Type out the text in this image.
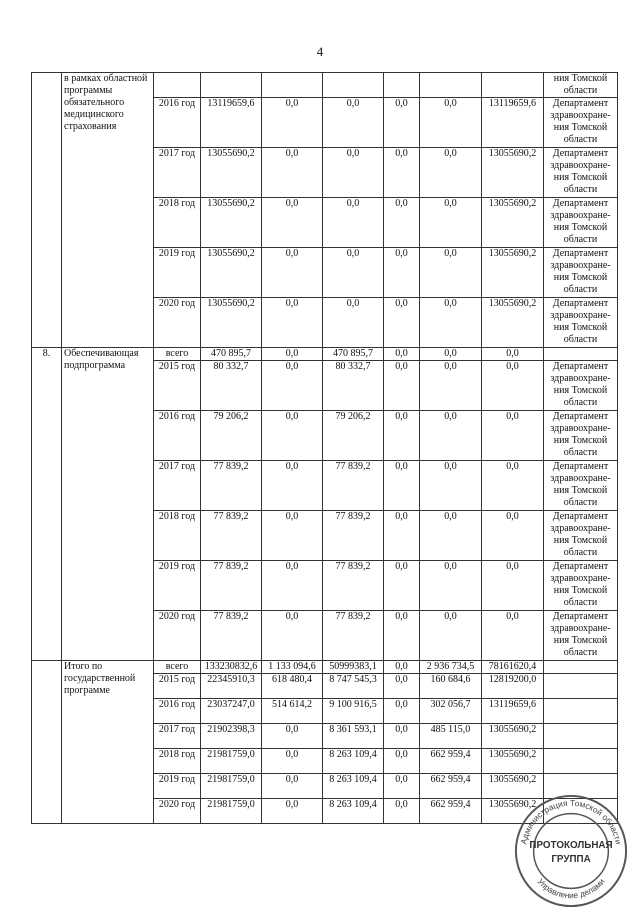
4
	в рамках областной программы обязательного медицинского страхования								ния Томской области
		2016 год	13119659,6	0,0	0,0	0,0	0,0	13119659,6	Департамент здравоохране-ния Томской области
		2017 год	13055690,2	0,0	0,0	0,0	0,0	13055690,2	Департамент здравоохране-ния Томской области
		2018 год	13055690,2	0,0	0,0	0,0	0,0	13055690,2	Департамент здравоохране-ния Томской области
		2019 год	13055690,2	0,0	0,0	0,0	0,0	13055690,2	Департамент здравоохране-ния Томской области
		2020 год	13055690,2	0,0	0,0	0,0	0,0	13055690,2	Департамент здравоохране-ния Томской области
8.	Обеспечивающая подпрограмма	всего	470 895,7	0,0	470 895,7	0,0	0,0	0,0	
		2015 год	80 332,7	0,0	80 332,7	0,0	0,0	0,0	Департамент здравоохране-ния Томской области
		2016 год	79 206,2	0,0	79 206,2	0,0	0,0	0,0	Департамент здравоохране-ния Томской области
		2017 год	77 839,2	0,0	77 839,2	0,0	0,0	0,0	Департамент здравоохране-ния Томской области
		2018 год	77 839,2	0,0	77 839,2	0,0	0,0	0,0	Департамент здравоохране-ния Томской области
		2019 год	77 839,2	0,0	77 839,2	0,0	0,0	0,0	Департамент здравоохране-ния Томской области
		2020 год	77 839,2	0,0	77 839,2	0,0	0,0	0,0	Департамент здравоохране-ния Томской области
	Итого по государственной программе	всего	133230832,6	1 133 094,6	50999383,1	0,0	2 936 734,5	78161620,4	
		2015 год	22345910,3	618 480,4	8 747 545,3	0,0	160 684,6	12819200,0	
		2016 год	23037247,0	514 614,2	9 100 916,5	0,0	302 056,7	13119659,6	
		2017 год	21902398,3	0,0	8 361 593,1	0,0	485 115,0	13055690,2	
		2018 год	21981759,0	0,0	8 263 109,4	0,0	662 959,4	13055690,2	
		2019 год	21981759,0	0,0	8 263 109,4	0,0	662 959,4	13055690,2	
		2020 год	21981759,0	0,0	8 263 109,4	0,0	662 959,4	13055690,2	
Администрация Томской области
Управление делами
ПРОТОКОЛЬНАЯ
ГРУППА
